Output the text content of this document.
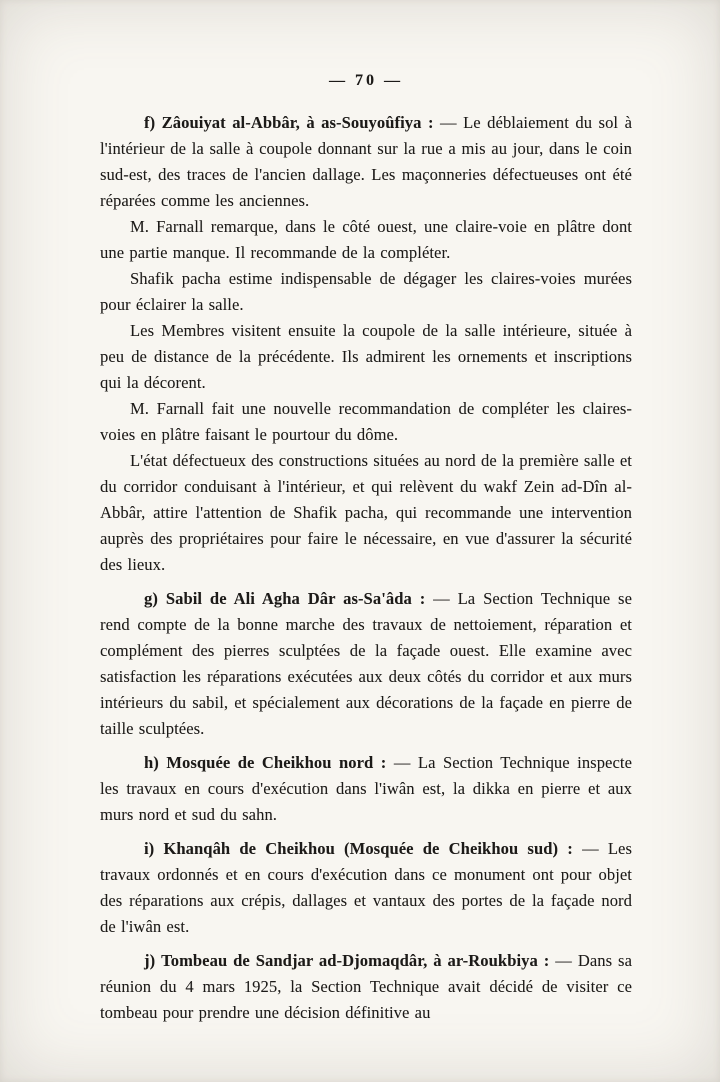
— 70 —

f) Zâouiyat al-Abbâr, à as-Souyoûfiya : — Le déblaiement du sol à l'intérieur de la salle à coupole donnant sur la rue a mis au jour, dans le coin sud-est, des traces de l'ancien dallage. Les maçonneries défectueuses ont été réparées comme les anciennes.

M. Farnall remarque, dans le côté ouest, une claire-voie en plâtre dont une partie manque. Il recommande de la compléter.

Shafik pacha estime indispensable de dégager les claires-voies murées pour éclairer la salle.

Les Membres visitent ensuite la coupole de la salle intérieure, située à peu de distance de la précédente. Ils admirent les ornements et inscriptions qui la décorent.

M. Farnall fait une nouvelle recommandation de compléter les claires-voies en plâtre faisant le pourtour du dôme.

L'état défectueux des constructions situées au nord de la première salle et du corridor conduisant à l'intérieur, et qui relèvent du wakf Zein ad-Dîn al-Abbâr, attire l'attention de Shafik pacha, qui recommande une intervention auprès des propriétaires pour faire le nécessaire, en vue d'assurer la sécurité des lieux.

g) Sabil de Ali Agha Dâr as-Sa'âda : — La Section Technique se rend compte de la bonne marche des travaux de nettoiement, réparation et complément des pierres sculptées de la façade ouest. Elle examine avec satisfaction les réparations exécutées aux deux côtés du corridor et aux murs intérieurs du sabil, et spécialement aux décorations de la façade en pierre de taille sculptées.

h) Mosquée de Cheikhou nord : — La Section Technique inspecte les travaux en cours d'exécution dans l'iwân est, la dikka en pierre et aux murs nord et sud du sahn.

i) Khanqâh de Cheikhou (Mosquée de Cheikhou sud) : — Les travaux ordonnés et en cours d'exécution dans ce monument ont pour objet des réparations aux crépis, dallages et vantaux des portes de la façade nord de l'iwân est.

j) Tombeau de Sandjar ad-Djomaqdâr, à ar-Roukbiya : — Dans sa réunion du 4 mars 1925, la Section Technique avait décidé de visiter ce tombeau pour prendre une décision définitive au
